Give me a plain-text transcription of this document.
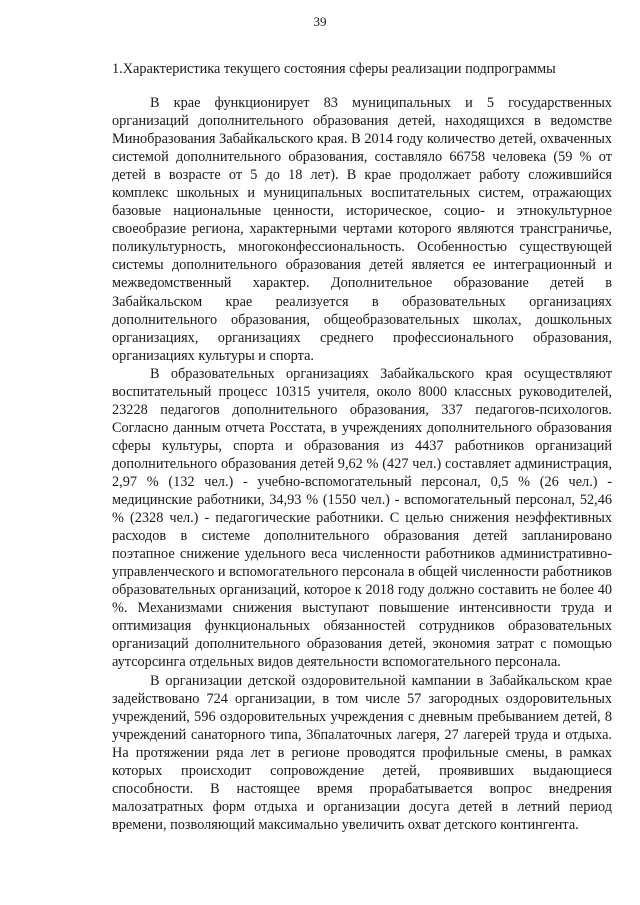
39
1.Характеристика текущего состояния сферы реализации подпрограммы

В крае функционирует 83 муниципальных и 5 государственных организаций дополнительного образования детей, находящихся в ведомстве Минобразования Забайкальского края. В 2014 году количество детей, охваченных системой дополнительного образования, составляло 66758 человека (59 % от детей в возрасте от 5 до 18 лет). В крае продолжает работу сложившийся комплекс школьных и муниципальных воспитательных систем, отражающих базовые национальные ценности, историческое, социо- и этнокультурное своеобразие региона, характерными чертами которого являются трансграничье, поликультурность, многоконфессиональность. Особенностью существующей системы дополнительного образования детей является ее интеграционный и межведомственный характер. Дополнительное образование детей в Забайкальском крае реализуется в образовательных организациях дополнительного образования, общеобразовательных школах, дошкольных организациях, организациях среднего профессионального образования, организациях культуры и спорта.

В образовательных организациях Забайкальского края осуществляют воспитательный процесс 10315 учителя, около 8000 классных руководителей, 23228 педагогов дополнительного образования, 337 педагогов-психологов. Согласно данным отчета Росстата, в учреждениях дополнительного образования сферы культуры, спорта и образования из 4437 работников организаций дополнительного образования детей 9,62 % (427 чел.) составляет администрация, 2,97 % (132 чел.) - учебно-вспомогательный персонал, 0,5 % (26 чел.) - медицинские работники, 34,93 % (1550 чел.) - вспомогательный персонал, 52,46 % (2328 чел.) - педагогические работники. С целью снижения неэффективных расходов в системе дополнительного образования детей запланировано поэтапное снижение удельного веса численности работников административно-управленческого и вспомогательного персонала в общей численности работников образовательных организаций, которое к 2018 году должно составить не более 40 %. Механизмами снижения выступают повышение интенсивности труда и оптимизация функциональных обязанностей сотрудников образовательных организаций дополнительного образования детей, экономия затрат с помощью аутсорсинга отдельных видов деятельности вспомогательного персонала.

В организации детской оздоровительной кампании в Забайкальском крае задействовано 724 организации, в том числе 57 загородных оздоровительных учреждений, 596 оздоровительных учреждения с дневным пребыванием детей, 8 учреждений санаторного типа, 36палаточных лагеря, 27 лагерей труда и отдыха. На протяжении ряда лет в регионе проводятся профильные смены, в рамках которых происходит сопровождение детей, проявивших выдающиеся способности. В настоящее время прорабатывается вопрос внедрения малозатратных форм отдыха и организации досуга детей в летний период времени, позволяющий максимально увеличить охват детского контингента.
